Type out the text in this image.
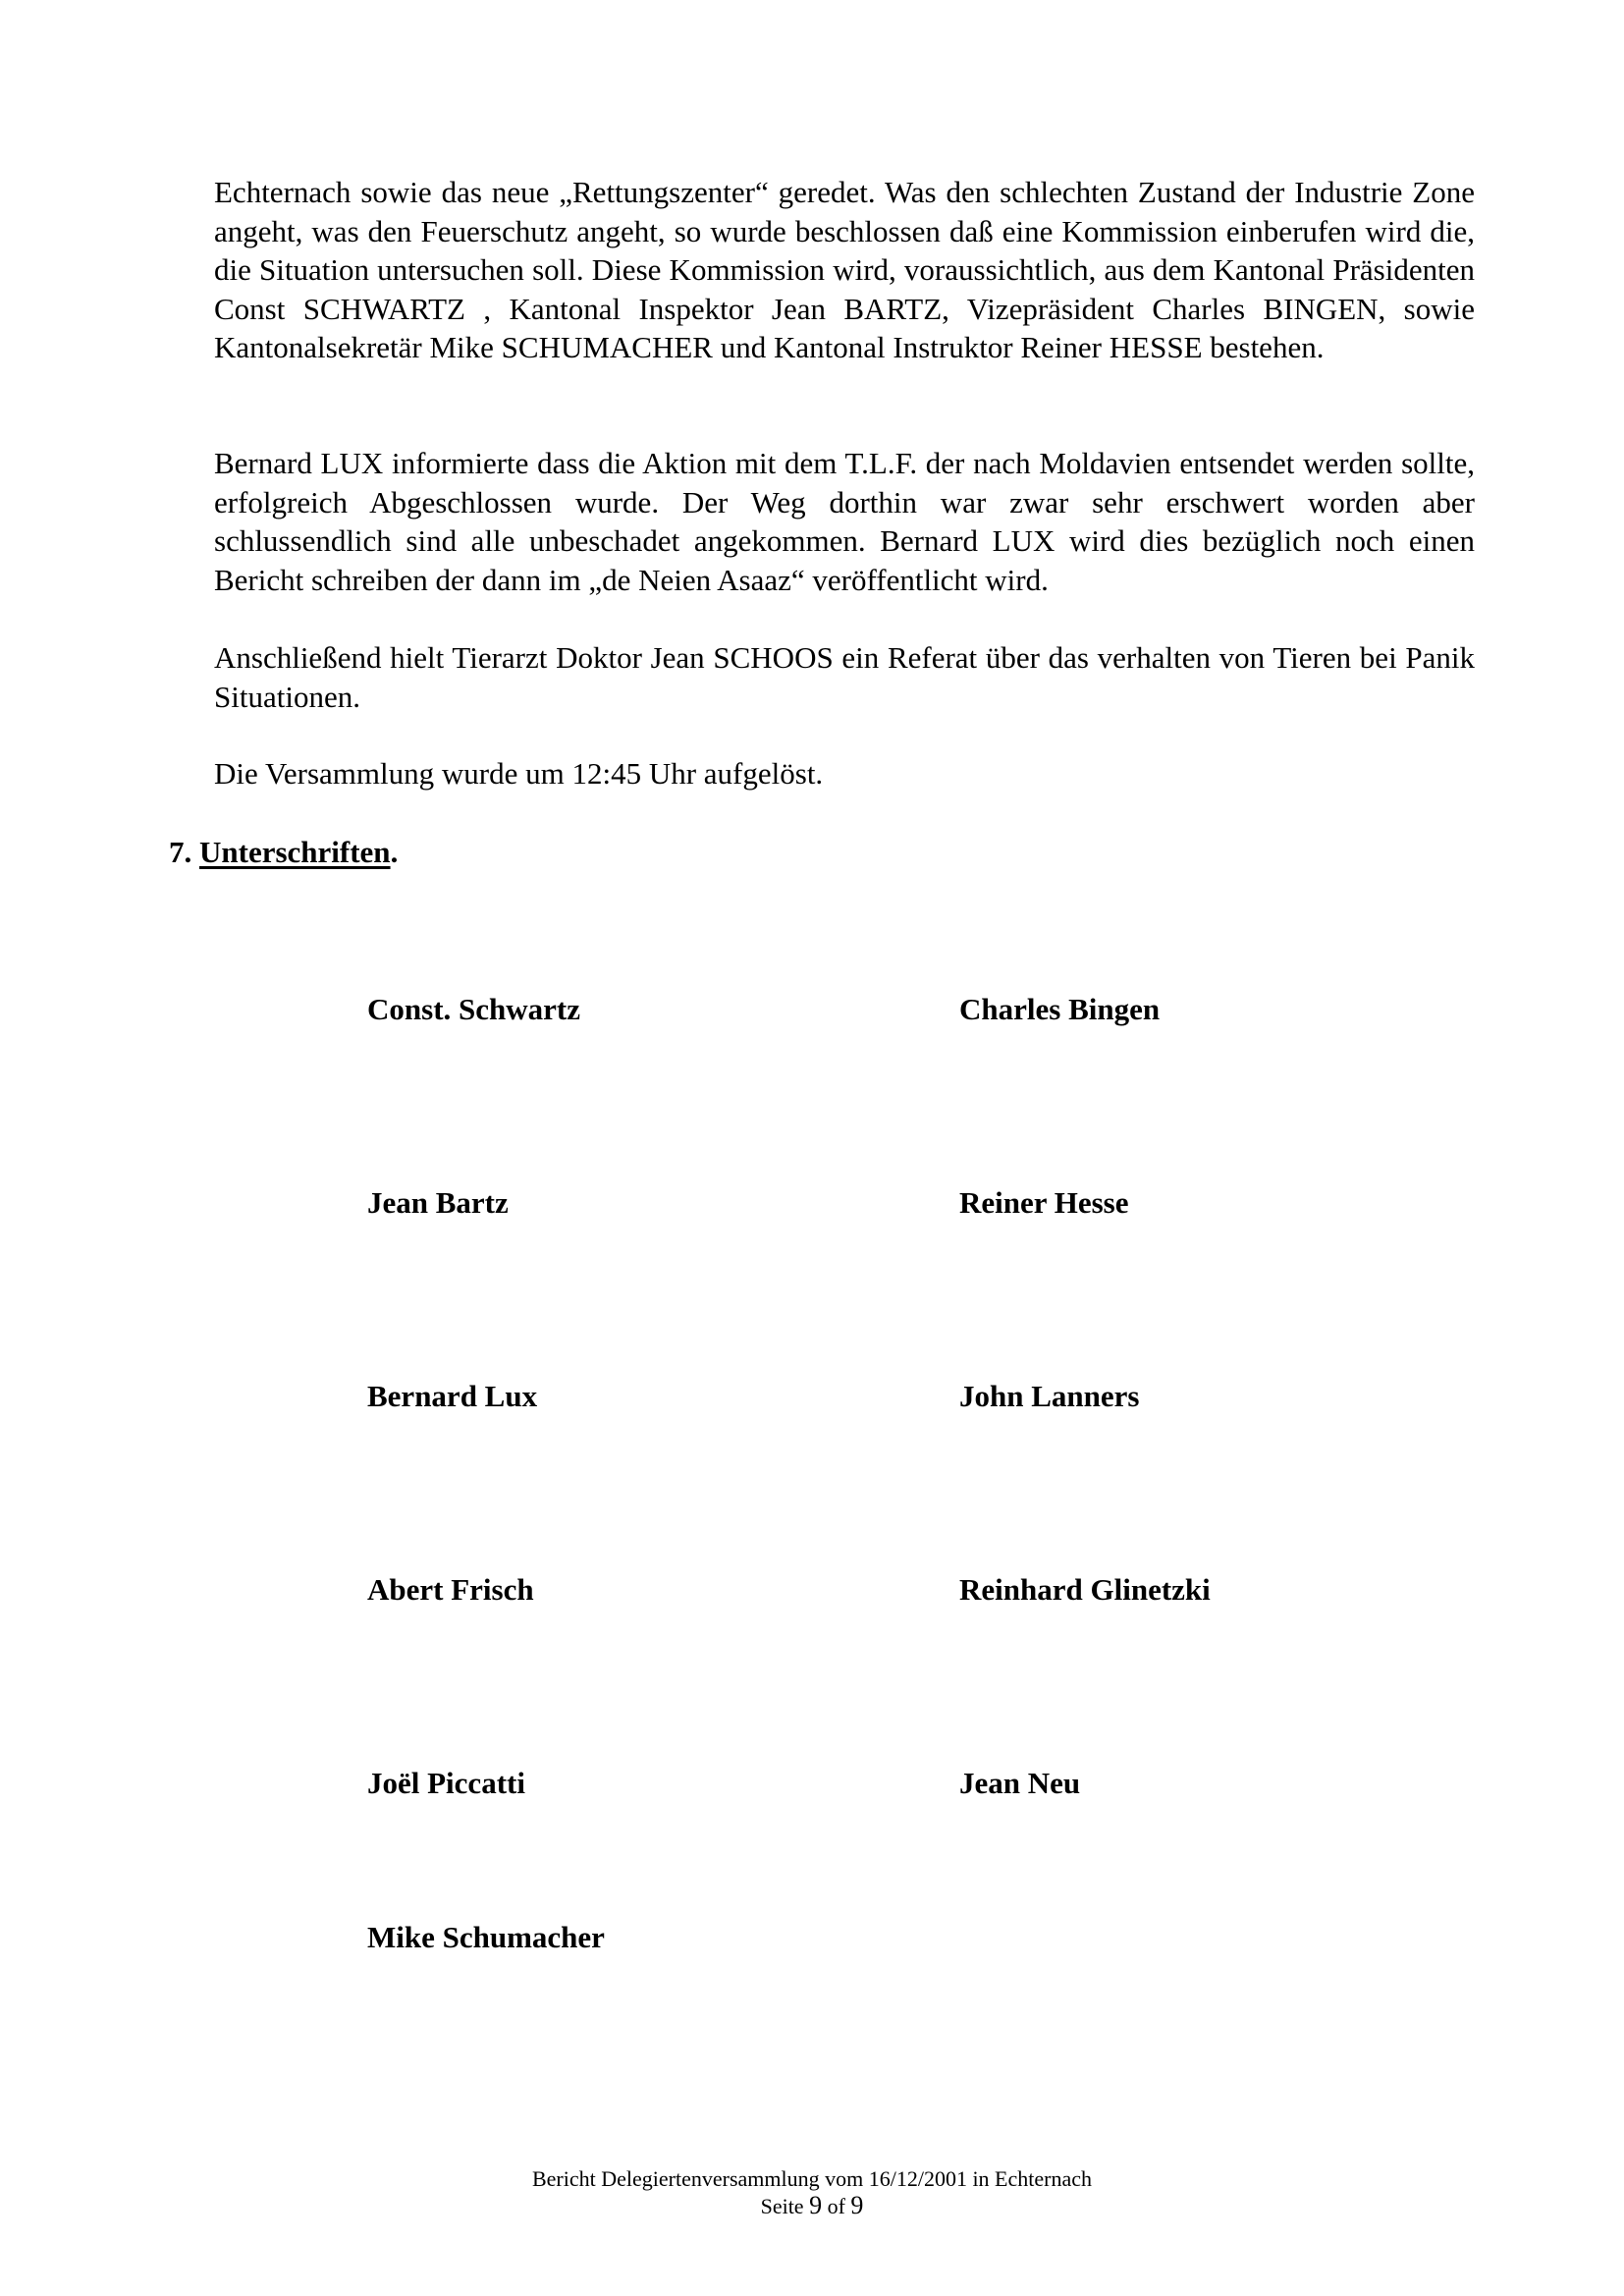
Echternach sowie das neue „Rettungszenter“ geredet. Was den schlechten Zustand der Industrie Zone angeht, was den Feuerschutz angeht, so wurde beschlossen daß eine Kommission einberufen wird die, die Situation untersuchen soll. Diese Kommission wird, voraussichtlich, aus dem Kantonal Präsidenten Const SCHWARTZ , Kantonal Inspektor Jean BARTZ, Vizepräsident Charles BINGEN, sowie Kantonalsekretär Mike SCHUMACHER und Kantonal Instruktor Reiner HESSE bestehen.

Bernard LUX informierte dass die Aktion mit dem T.L.F. der nach Moldavien entsendet werden sollte, erfolgreich Abgeschlossen wurde. Der Weg dorthin war zwar sehr erschwert worden aber schlussendlich sind alle unbeschadet angekommen. Bernard LUX wird dies bezüglich noch einen Bericht schreiben der dann im „de Neien Asaaz“ veröffentlicht wird.

Anschließend hielt Tierarzt Doktor Jean SCHOOS ein Referat über das verhalten von Tieren bei Panik Situationen.

Die Versammlung wurde um 12:45 Uhr aufgelöst.

7. Unterschriften.
Const. Schwartz	Charles Bingen
Jean Bartz	Reiner Hesse
Bernard Lux	John Lanners
Abert Frisch	Reinhard Glinetzki
Joël Piccatti	Jean Neu
Mike Schumacher
Bericht Delegiertenversammlung vom 16/12/2001 in Echternach
Seite 9 of 9
